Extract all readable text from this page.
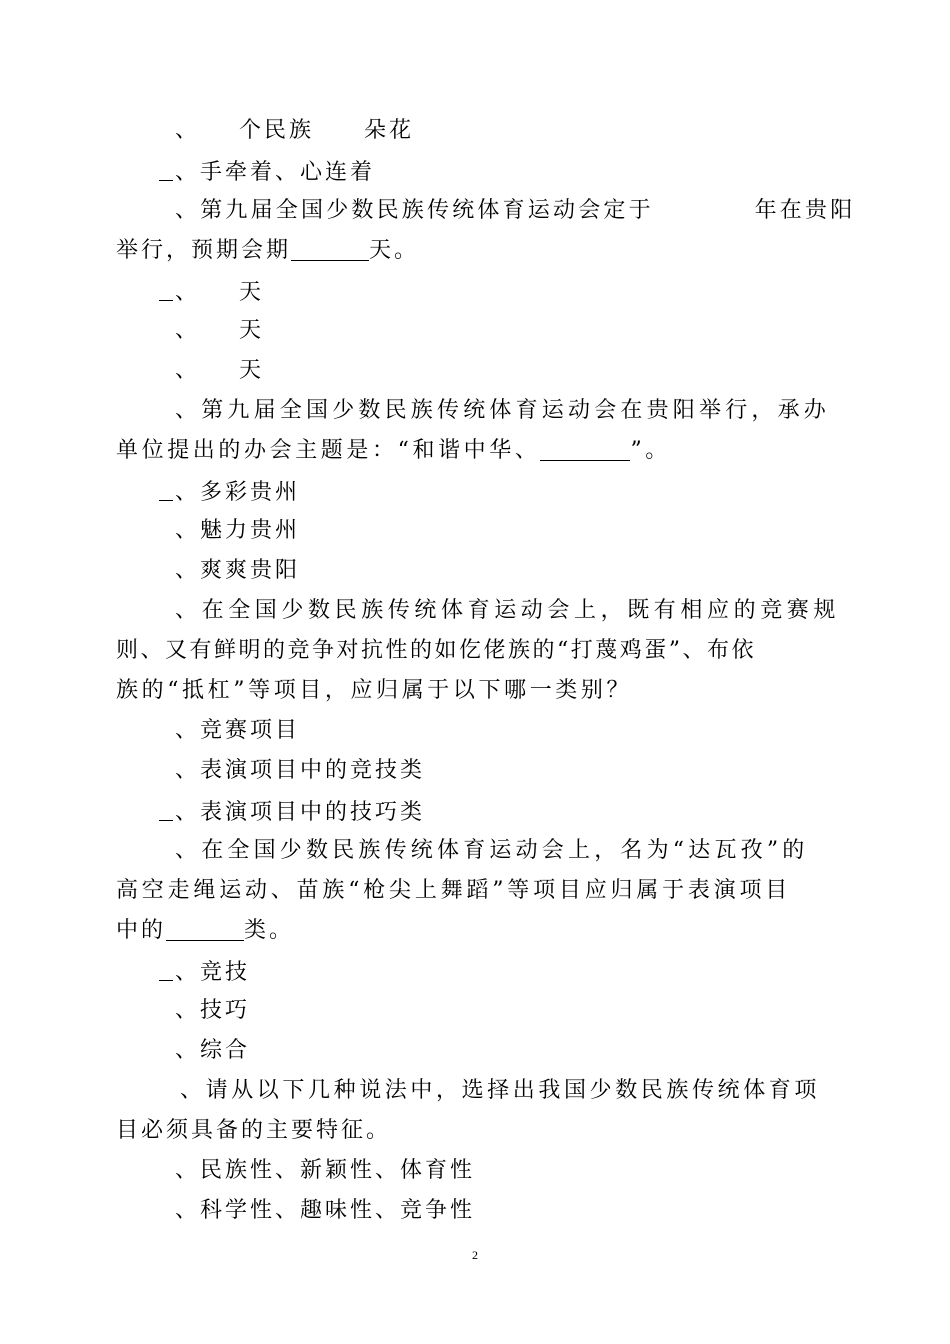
、　　个民族　　朵花
、手牵着、心连着
、第九届全国少数民族传统体育运动会定于　　　　年在贵阳
举行，预期会期	天。
、　　天
、　　天
、　　天
、第九届全国少数民族传统体育运动会在贵阳举行，承办
单位提出的办会主题是：“和谐中华、	”。
、多彩贵州
、魅力贵州
、爽爽贵阳
、在全国少数民族传统体育运动会上，既有相应的竞赛规
则、又有鲜明的竞争对抗性的如仡佬族的“打蔑鸡蛋”、布依
族的“抵杠”等项目，应归属于以下哪一类别？
、竞赛项目
、表演项目中的竞技类
、表演项目中的技巧类
、在全国少数民族传统体育运动会上，名为“达瓦孜”的
高空走绳运动、苗族“枪尖上舞蹈”等项目应归属于表演项目
中的	类。
、竞技
、技巧
、综合
、请从以下几种说法中，选择出我国少数民族传统体育项
目必须具备的主要特征。
、民族性、新颖性、体育性
、科学性、趣味性、竞争性
2
